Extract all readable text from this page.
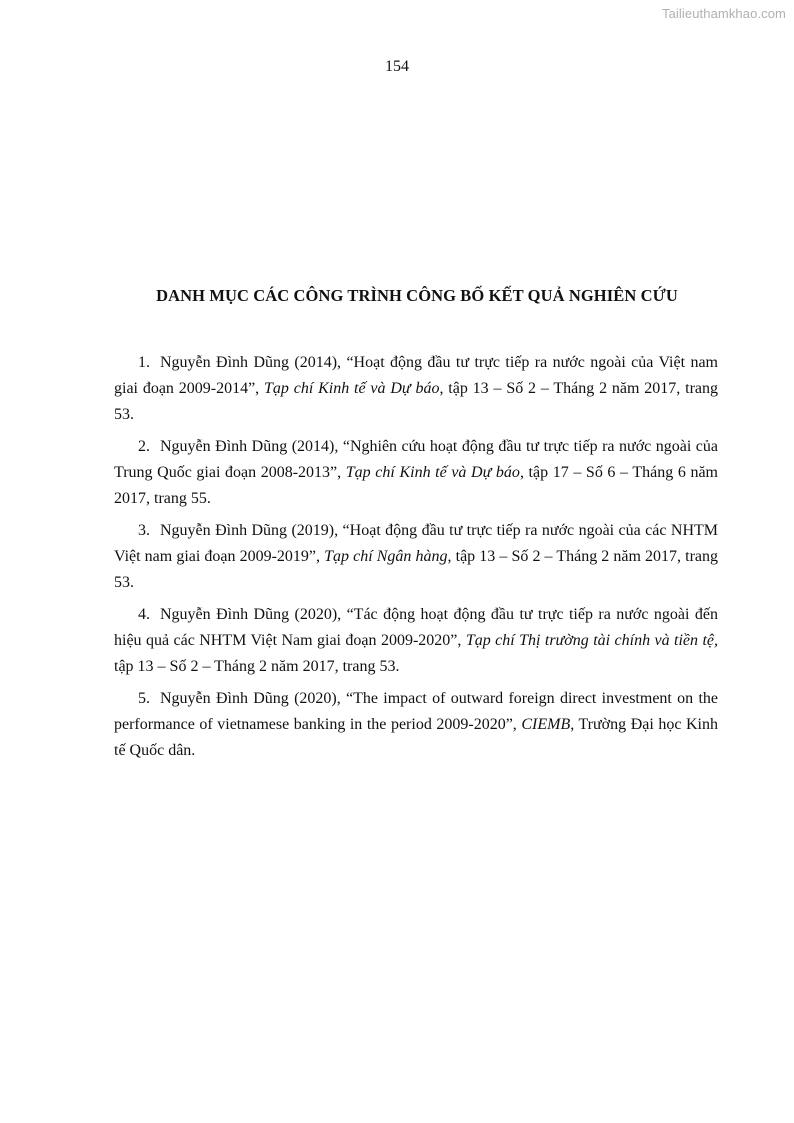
Tailieuthamkhao.com
154
DANH MỤC CÁC CÔNG TRÌNH CÔNG BỐ KẾT QUẢ NGHIÊN CỨU
1. Nguyễn Đình Dũng (2014), “Hoạt động đầu tư trực tiếp ra nước ngoài của Việt nam giai đoạn 2009-2014”, Tạp chí Kinh tế và Dự báo, tập 13 – Số 2 – Tháng 2 năm 2017, trang 53.
2. Nguyễn Đình Dũng (2014), “Nghiên cứu hoạt động đầu tư trực tiếp ra nước ngoài của Trung Quốc giai đoạn 2008-2013”, Tạp chí Kinh tế và Dự báo, tập 17 – Số 6 – Tháng 6 năm 2017, trang 55.
3. Nguyễn Đình Dũng (2019), “Hoạt động đầu tư trực tiếp ra nước ngoài của các NHTM Việt nam giai đoạn 2009-2019”, Tạp chí Ngân hàng, tập 13 – Số 2 – Tháng 2 năm 2017, trang 53.
4. Nguyễn Đình Dũng (2020), “Tác động hoạt động đầu tư trực tiếp ra nước ngoài đến hiệu quả các NHTM Việt Nam giai đoạn 2009-2020”, Tạp chí Thị trường tài chính và tiền tệ, tập 13 – Số 2 – Tháng 2 năm 2017, trang 53.
5. Nguyễn Đình Dũng (2020), “The impact of outward foreign direct investment on the performance of vietnamese banking in the period 2009-2020”, CIEMB, Trường Đại học Kinh tế Quốc dân.
